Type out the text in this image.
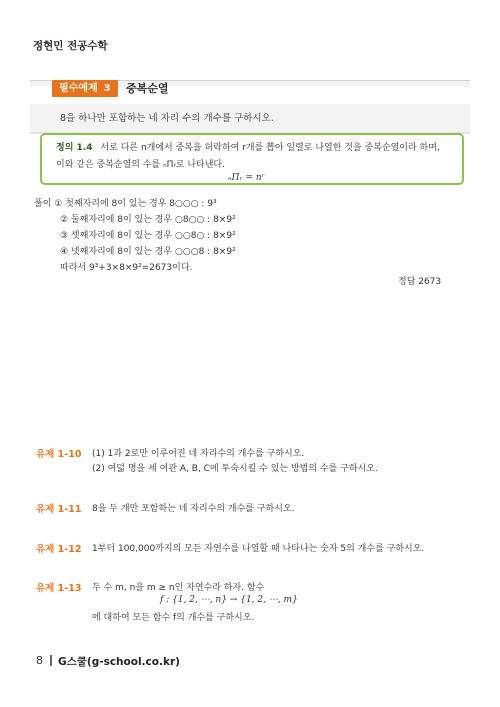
정현민 전공수학
필수예제 3	중복순열
8을 하나만 포함하는 네 자리 수의 개수를 구하시오.
정의 1.4 서로 다른 n개에서 중복을 허락하여 r개를 뽑아 일렬로 나열한 것을 중복순열이라 하며,
이와 같은 중복순열의 수를 ₙΠᵣ로 나타낸다.
ₙΠᵣ = nʳ
풀이 ① 첫째자리에 8이 있는 경우 8○○○ : 9³
② 둘째자리에 8이 있는 경우 ○8○○ : 8×9²
③ 셋째자리에 8이 있는 경우 ○○8○ : 8×9²
④ 넷째자리에 8이 있는 경우 ○○○8 : 8×9²
따라서 9³+3×8×9²=2673이다.
정답 2673
유제 1-10 (1) 1과 2로만 이루어진 네 자리수의 개수를 구하시오.
(2) 여덟 명을 세 여관 A, B, C에 투숙시킬 수 있는 방법의 수를 구하시오.
유제 1-11 8을 두 개만 포함하는 네 자리수의 개수를 구하시오.
유제 1-12 1부터 100,000까지의 모든 자연수를 나열할 때 나타나는 숫자 5의 개수를 구하시오.
유제 1-13 두 수 m, n을 m ≥ n인 자연수라 하자. 함수
f : {1, 2, ⋯, n} → {1, 2, ⋯, m}
에 대하여 모든 함수 f의 개수를 구하시오.
8 G스쿨(g-school.co.kr)
